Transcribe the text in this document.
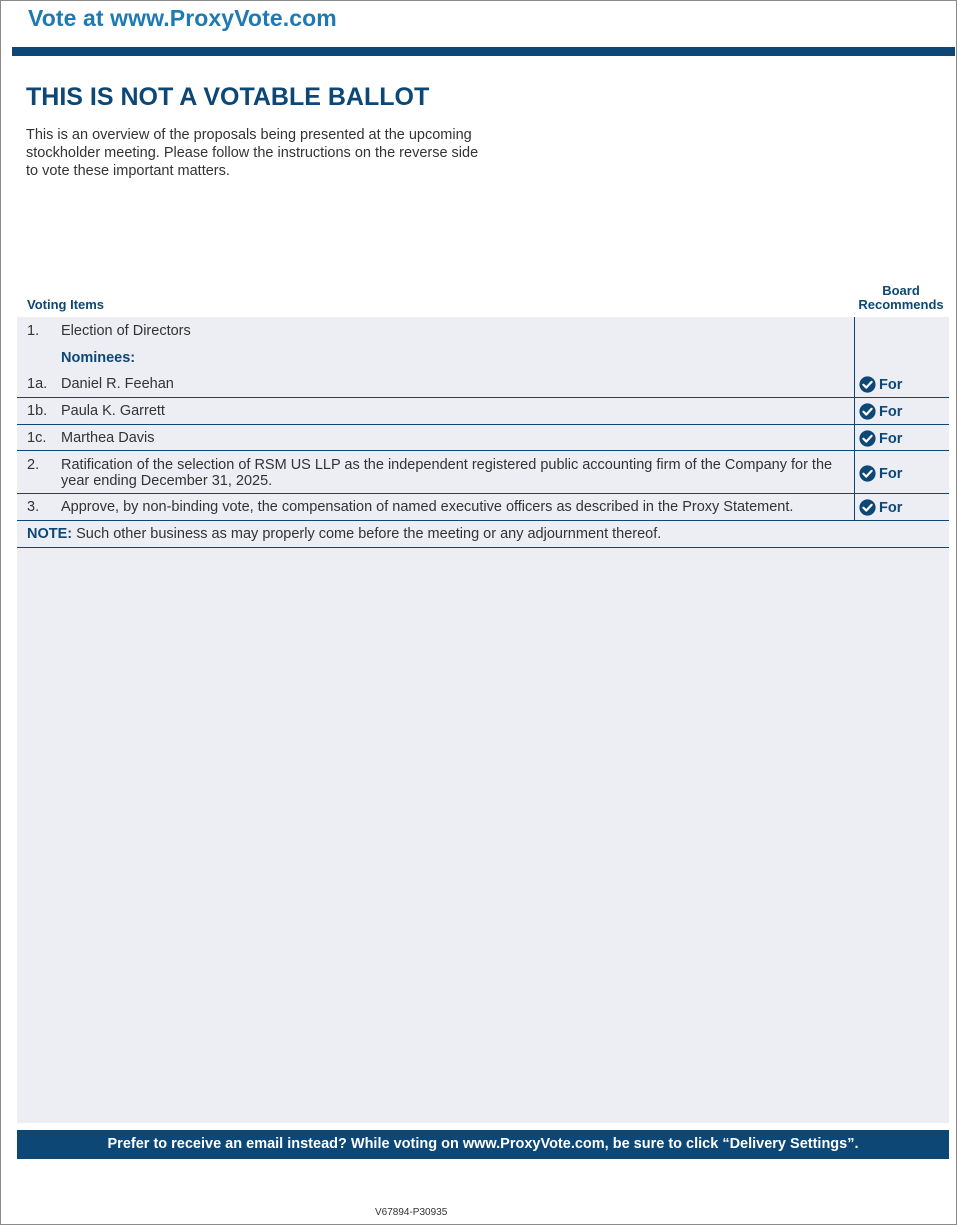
Vote at www.ProxyVote.com
THIS IS NOT A VOTABLE BALLOT
This is an overview of the proposals being presented at the upcoming stockholder meeting. Please follow the instructions on the reverse side to vote these important matters.
Voting Items
Board
Recommends
1. Election of Directors
Nominees:
1a. Daniel R. Feehan	For
1b. Paula K. Garrett	For
1c. Marthea Davis	For
2. Ratification of the selection of RSM US LLP as the independent registered public accounting firm of the Company for the year ending December 31, 2025.	For
3. Approve, by non-binding vote, the compensation of named executive officers as described in the Proxy Statement.	For
NOTE: Such other business as may properly come before the meeting or any adjournment thereof.
Prefer to receive an email instead? While voting on www.ProxyVote.com, be sure to click “Delivery Settings”.
V67894-P30935
